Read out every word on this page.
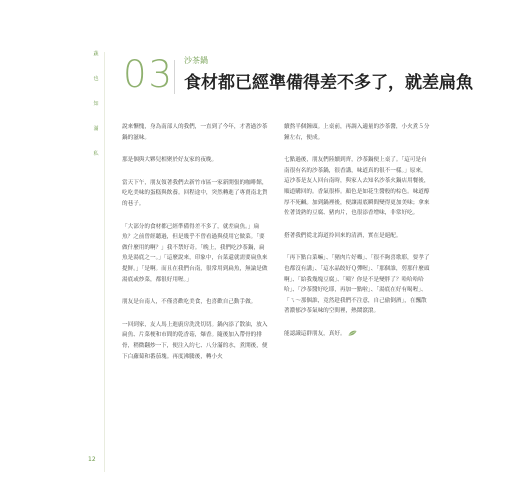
蔬
也
知
滿
私
03 沙茶鍋
食材都已經準備得差不多了，就差扁魚

說來慚愧，身為南部人的我們，一直到了今年，才著過沙茶鍋的滋味。

那是個與大夥兒相聚於好友家的夜晚。

當天下午，朋友領著我們去新竹市區一家新開張的咖啡館，吃吃美味的蛋糕與飲養。回程途中，突然轉進了專賣南北貨的巷子。

「大部分的食材都已經準備得差不多了，就差扁魚。」扁魚？之前曾經聽過，但是幾乎不曾看過與使用它做菜。「要做什麼用的啊？」我不禁好奇。「晚上，我們吃沙茶鍋，扁魚是湯底之一。」「這麼說來，印象中，台菜還就需要扁魚來提鮮。」「是啊。而且在我們台南，很常用到扁魚，無論是做湯底或炒菜，都很好用喔。」

朋友是台南人，不僅喜歡吃美食，也喜歡自己動手做。

一回到家，友人馬上進廚房洗洗切切。鍋內添了散油，放入扁魚、片菜梗和市間的乾香菇，爆香。隨後加入帶骨的排骨，稍微翻炒一下，便注入約七、八分滿的水，煮開後，便下白蘿蔔和番茄塊。再度沸騰後，轉小火

續熬半個鐘頭。上桌前，再調入適量的沙茶醬，小火煮５分鐘左右，便成。

七點過後，朋友們陸續到齊，沙茶鍋便上桌了。「這可是台南很有名的沙茶鍋，很香講，味道真的很不一樣。」原來，這沙茶是友人回台南時，與家人去知名沙茶火鍋店用餐後，順道購回的。香氣很棒。顏色是如花生醬般的棕色。味道醇厚不死鹹。加到鍋裡後，便讓湯底瞬間變得更加美味；拿來佐著烫熟的豆腐、豬肉片，也很添香增味，非常好吃。

搭著我們從北海道拎回來的清酒，實在是絕配。

「再下點白菜嘛」、「豬肉片好囉」、「很不夠喜歌耶，要孝了也都沒有講」、「這水晶餃好Ｑ彈喔」、「那個誰，剪那什麼頭啊」、「給我幾塊豆腐」、「咦？你是不是變胖了？哈哈哈哈哈」、「沙茶醬好吃耶，再加一點啦」、「湯底在好有喝喔」、「ㄟ～那個誰，竟然趁我們不注意，自己偷倒酒」，在飄散著濃郁沙茶氣味的空間裡，熱鬧滾滾。

能認識這群朋友，真好。

12
